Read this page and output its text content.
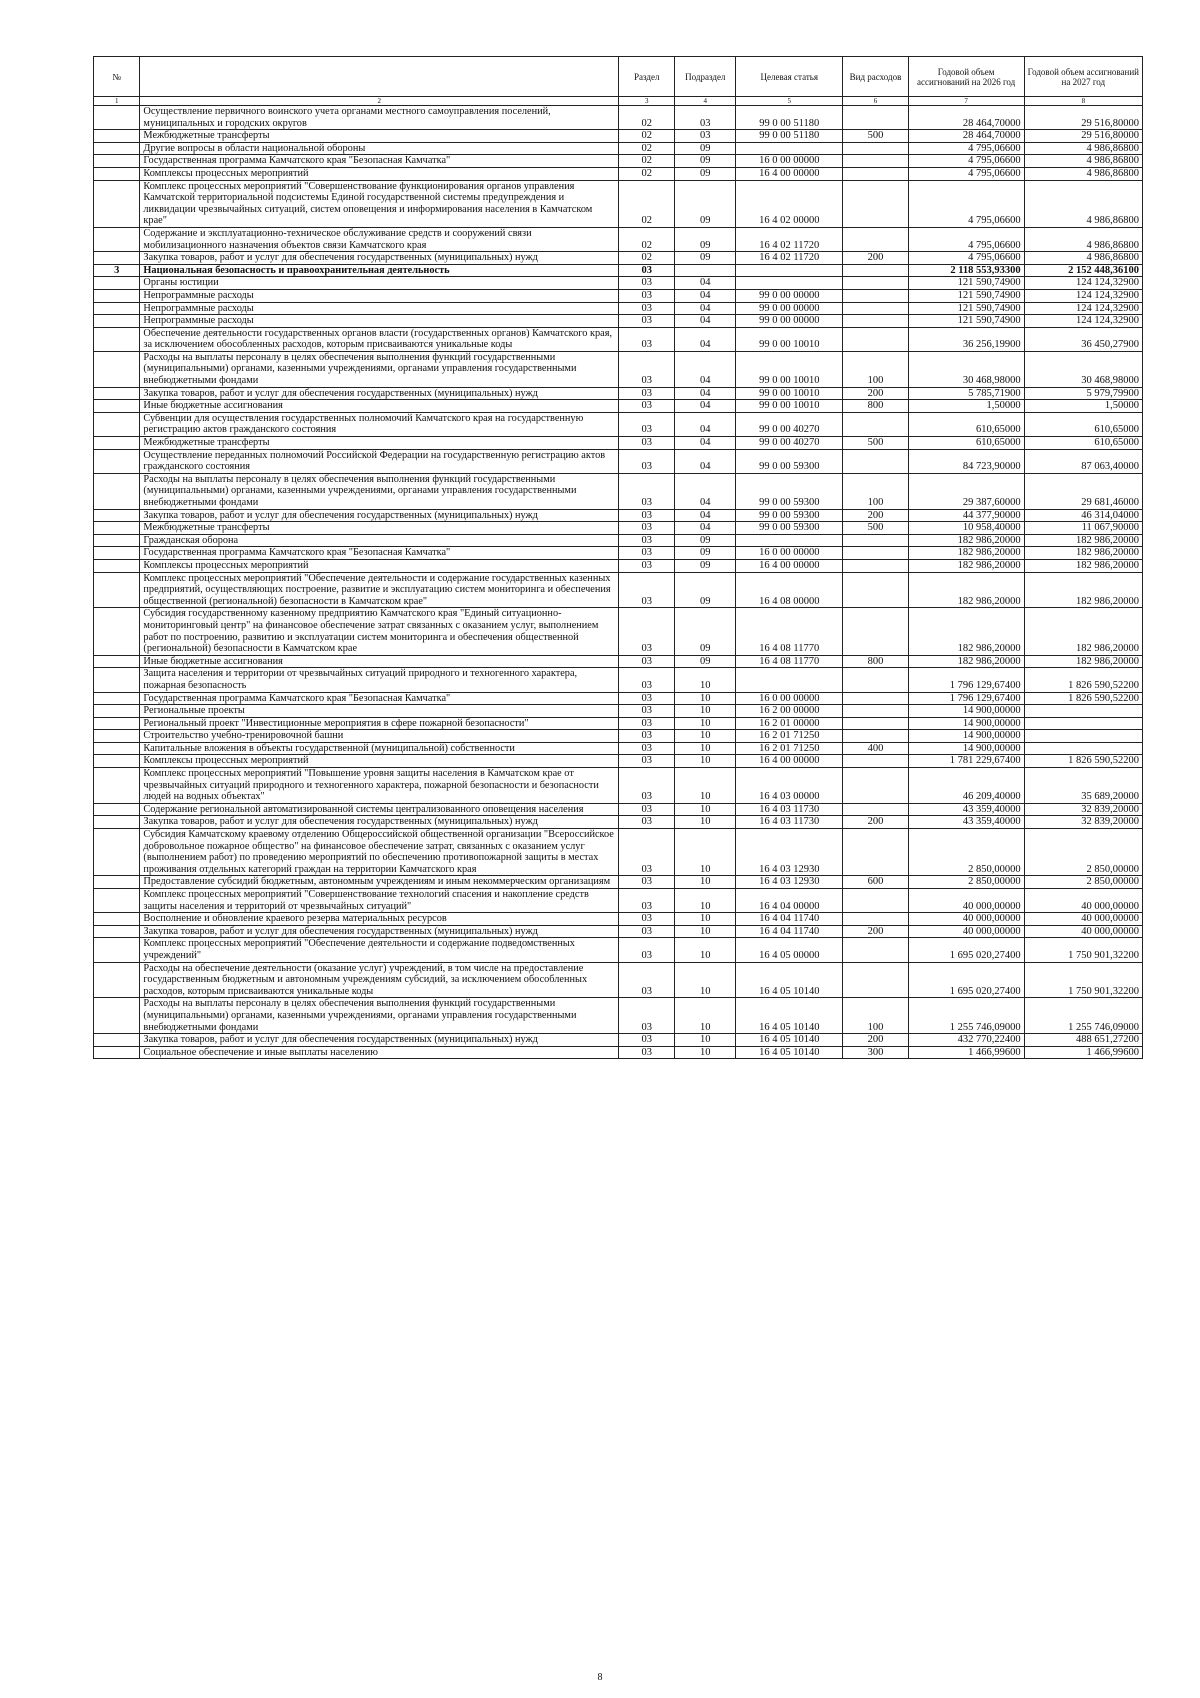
№		Раздел	Подраздел	Целевая статья	Вид расходов	Годовой объем ассигнований на 2026 год	Годовой объем ассигнований на 2027 год
1	2	3	4	5	6	7	8
	Осуществление первичного воинского учета органами местного самоуправления поселений, муниципальных и городских округов	02	03	99 0 00 51180		28 464,70000	29 516,80000
	Межбюджетные трансферты	02	03	99 0 00 51180	500	28 464,70000	29 516,80000
	Другие вопросы в области национальной обороны	02	09			4 795,06600	4 986,86800
	Государственная программа Камчатского края "Безопасная Камчатка"	02	09	16 0 00 00000		4 795,06600	4 986,86800
	Комплексы процессных мероприятий	02	09	16 4 00 00000		4 795,06600	4 986,86800
	Комплекс процессных мероприятий "Совершенствование функционирования органов управления Камчатской территориальной подсистемы Единой государственной системы предупреждения и ликвидации чрезвычайных ситуаций, систем оповещения и информирования населения в Камчатском крае"	02	09	16 4 02 00000		4 795,06600	4 986,86800
	Содержание и эксплуатационно-техническое обслуживание средств и сооружений связи мобилизационного назначения объектов связи Камчатского края	02	09	16 4 02 11720		4 795,06600	4 986,86800
	Закупка товаров, работ и услуг для обеспечения государственных (муниципальных) нужд	02	09	16 4 02 11720	200	4 795,06600	4 986,86800
3	Национальная безопасность и правоохранительная деятельность	03				2 118 553,93300	2 152 448,36100
	Органы юстиции	03	04			121 590,74900	124 124,32900
	Непрограммные расходы	03	04	99 0 00 00000		121 590,74900	124 124,32900
	Непрограммные расходы	03	04	99 0 00 00000		121 590,74900	124 124,32900
	Непрограммные расходы	03	04	99 0 00 00000		121 590,74900	124 124,32900
	Обеспечение деятельности государственных органов власти (государственных органов) Камчатского края, за исключением обособленных расходов, которым присваиваются уникальные коды	03	04	99 0 00 10010		36 256,19900	36 450,27900
	Расходы на выплаты персоналу в целях обеспечения выполнения функций государственными (муниципальными) органами, казенными учреждениями, органами управления государственными внебюджетными фондами	03	04	99 0 00 10010	100	30 468,98000	30 468,98000
	Закупка товаров, работ и услуг для обеспечения государственных (муниципальных) нужд	03	04	99 0 00 10010	200	5 785,71900	5 979,79900
	Иные бюджетные ассигнования	03	04	99 0 00 10010	800	1,50000	1,50000
	Субвенции для осуществления государственных полномочий Камчатского края на государственную регистрацию актов гражданского состояния	03	04	99 0 00 40270		610,65000	610,65000
	Межбюджетные трансферты	03	04	99 0 00 40270	500	610,65000	610,65000
	Осуществление переданных полномочий Российской Федерации на государственную регистрацию актов гражданского состояния	03	04	99 0 00 59300		84 723,90000	87 063,40000
	Расходы на выплаты персоналу в целях обеспечения выполнения функций государственными (муниципальными) органами, казенными учреждениями, органами управления государственными внебюджетными фондами	03	04	99 0 00 59300	100	29 387,60000	29 681,46000
	Закупка товаров, работ и услуг для обеспечения государственных (муниципальных) нужд	03	04	99 0 00 59300	200	44 377,90000	46 314,04000
	Межбюджетные трансферты	03	04	99 0 00 59300	500	10 958,40000	11 067,90000
	Гражданская оборона	03	09			182 986,20000	182 986,20000
	Государственная программа Камчатского края "Безопасная Камчатка"	03	09	16 0 00 00000		182 986,20000	182 986,20000
	Комплексы процессных мероприятий	03	09	16 4 00 00000		182 986,20000	182 986,20000
	Комплекс процессных мероприятий "Обеспечение деятельности и содержание государственных казенных предприятий, осуществляющих построение, развитие и эксплуатацию систем мониторинга и обеспечения общественной (региональной) безопасности в Камчатском крае"	03	09	16 4 08 00000		182 986,20000	182 986,20000
	Субсидия государственному казенному предприятию Камчатского края "Единый ситуационно-мониторинговый центр" на финансовое обеспечение затрат связанных с оказанием услуг, выполнением работ по построению, развитию и эксплуатации систем мониторинга и обеспечения общественной (региональной) безопасности в Камчатском крае	03	09	16 4 08 11770		182 986,20000	182 986,20000
	Иные бюджетные ассигнования	03	09	16 4 08 11770	800	182 986,20000	182 986,20000
	Защита населения и территории от чрезвычайных ситуаций природного и техногенного характера, пожарная безопасность	03	10			1 796 129,67400	1 826 590,52200
	Государственная программа Камчатского края "Безопасная Камчатка"	03	10	16 0 00 00000		1 796 129,67400	1 826 590,52200
	Региональные проекты	03	10	16 2 00 00000		14 900,00000	
	Региональный проект "Инвестиционные мероприятия в сфере пожарной безопасности"	03	10	16 2 01 00000		14 900,00000	
	Строительство учебно-тренировочной башни	03	10	16 2 01 71250		14 900,00000	
	Капитальные вложения в объекты государственной (муниципальной) собственности	03	10	16 2 01 71250	400	14 900,00000	
	Комплексы процессных мероприятий	03	10	16 4 00 00000		1 781 229,67400	1 826 590,52200
	Комплекс процессных мероприятий "Повышение уровня защиты населения в Камчатском крае от чрезвычайных ситуаций природного и техногенного характера, пожарной безопасности и безопасности людей на водных объектах"	03	10	16 4 03 00000		46 209,40000	35 689,20000
	Содержание региональной автоматизированной системы централизованного оповещения населения	03	10	16 4 03 11730		43 359,40000	32 839,20000
	Закупка товаров, работ и услуг для обеспечения государственных (муниципальных) нужд	03	10	16 4 03 11730	200	43 359,40000	32 839,20000
	Субсидия Камчатскому краевому отделению Общероссийской общественной организации "Всероссийское добровольное пожарное общество" на финансовое обеспечение затрат, связанных с оказанием услуг (выполнением работ) по проведению мероприятий по обеспечению противопожарной защиты в местах проживания отдельных категорий граждан на территории Камчатского края	03	10	16 4 03 12930		2 850,00000	2 850,00000
	Предоставление субсидий бюджетным, автономным учреждениям и иным некоммерческим организациям	03	10	16 4 03 12930	600	2 850,00000	2 850,00000
	Комплекс процессных мероприятий "Совершенствование технологий спасения и накопление средств защиты населения и территорий от чрезвычайных ситуаций"	03	10	16 4 04 00000		40 000,00000	40 000,00000
	Восполнение и обновление краевого резерва материальных ресурсов	03	10	16 4 04 11740		40 000,00000	40 000,00000
	Закупка товаров, работ и услуг для обеспечения государственных (муниципальных) нужд	03	10	16 4 04 11740	200	40 000,00000	40 000,00000
	Комплекс процессных мероприятий "Обеспечение деятельности и содержание подведомственных учреждений"	03	10	16 4 05 00000		1 695 020,27400	1 750 901,32200
	Расходы на обеспечение деятельности (оказание услуг) учреждений, в том числе на предоставление государственным бюджетным и автономным учреждениям субсидий, за исключением обособленных расходов, которым присваиваются уникальные коды	03	10	16 4 05 10140		1 695 020,27400	1 750 901,32200
	Расходы на выплаты персоналу в целях обеспечения выполнения функций государственными (муниципальными) органами, казенными учреждениями, органами управления государственными внебюджетными фондами	03	10	16 4 05 10140	100	1 255 746,09000	1 255 746,09000
	Закупка товаров, работ и услуг для обеспечения государственных (муниципальных) нужд	03	10	16 4 05 10140	200	432 770,22400	488 651,27200
	Социальное обеспечение и иные выплаты населению	03	10	16 4 05 10140	300	1 466,99600	1 466,99600
8
